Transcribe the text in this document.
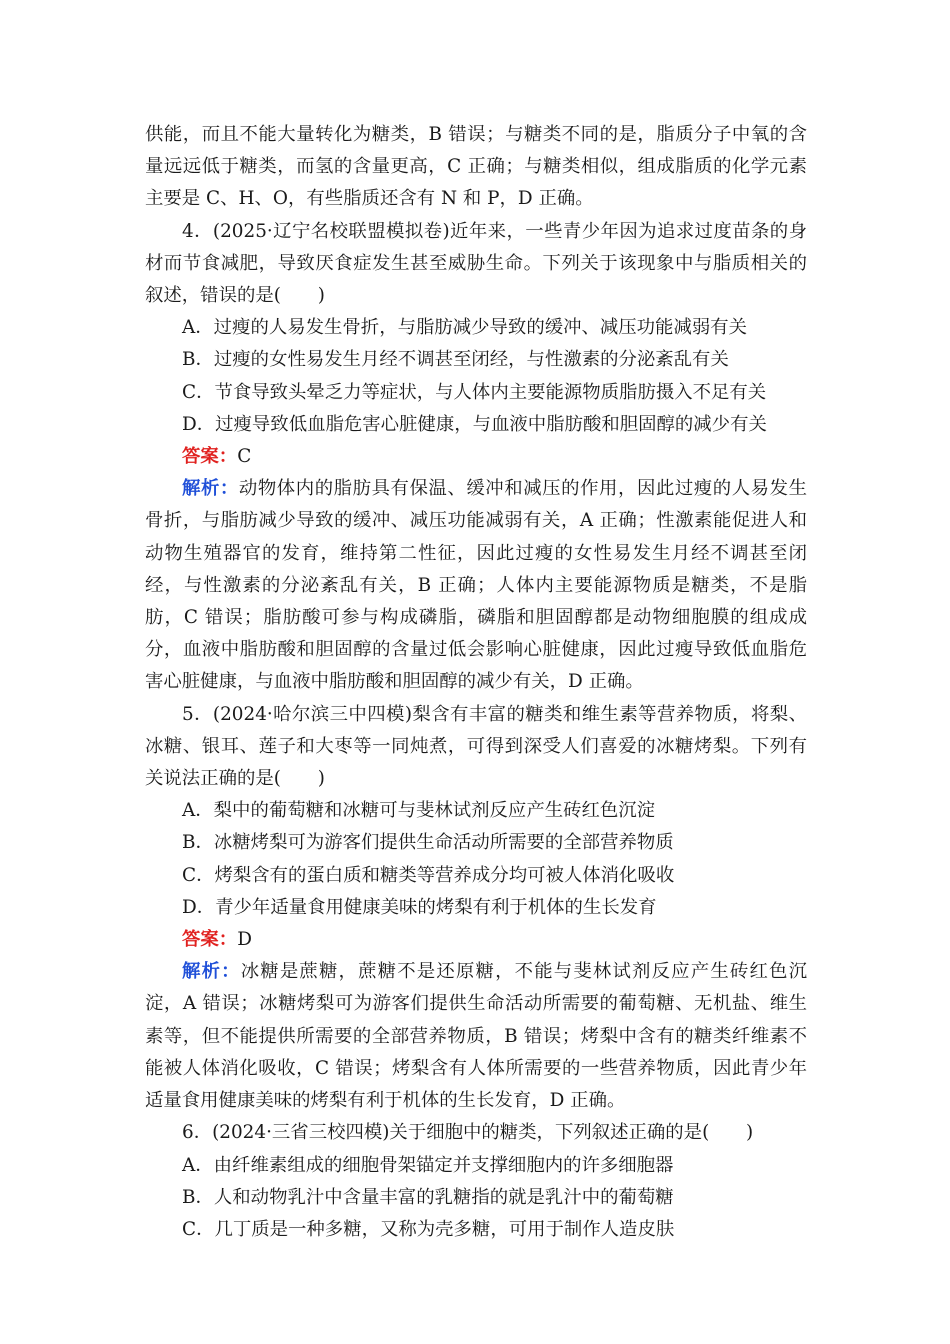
供能，而且不能大量转化为糖类，B 错误；与糖类不同的是，脂质分子中氧的含量远远低于糖类，而氢的含量更高，C 正确；与糖类相似，组成脂质的化学元素主要是 C、H、O，有些脂质还含有 N 和 P，D 正确。

4．(2025·辽宁名校联盟模拟卷)近年来，一些青少年因为追求过度苗条的身材而节食减肥，导致厌食症发生甚至威胁生命。下列关于该现象中与脂质相关的叙述，错误的是(　　)

A．过瘦的人易发生骨折，与脂肪减少导致的缓冲、减压功能减弱有关

B．过瘦的女性易发生月经不调甚至闭经，与性激素的分泌紊乱有关

C．节食导致头晕乏力等症状，与人体内主要能源物质脂肪摄入不足有关

D．过瘦导致低血脂危害心脏健康，与血液中脂肪酸和胆固醇的减少有关

答案：C

解析：动物体内的脂肪具有保温、缓冲和减压的作用，因此过瘦的人易发生骨折，与脂肪减少导致的缓冲、减压功能减弱有关，A 正确；性激素能促进人和动物生殖器官的发育，维持第二性征，因此过瘦的女性易发生月经不调甚至闭经，与性激素的分泌紊乱有关，B 正确；人体内主要能源物质是糖类，不是脂肪，C 错误；脂肪酸可参与构成磷脂，磷脂和胆固醇都是动物细胞膜的组成成分，血液中脂肪酸和胆固醇的含量过低会影响心脏健康，因此过瘦导致低血脂危害心脏健康，与血液中脂肪酸和胆固醇的减少有关，D 正确。

5．(2024·哈尔滨三中四模)梨含有丰富的糖类和维生素等营养物质，将梨、冰糖、银耳、莲子和大枣等一同炖煮，可得到深受人们喜爱的冰糖烤梨。下列有关说法正确的是(　　)

A．梨中的葡萄糖和冰糖可与斐林试剂反应产生砖红色沉淀

B．冰糖烤梨可为游客们提供生命活动所需要的全部营养物质

C．烤梨含有的蛋白质和糖类等营养成分均可被人体消化吸收

D．青少年适量食用健康美味的烤梨有利于机体的生长发育

答案：D

解析：冰糖是蔗糖，蔗糖不是还原糖，不能与斐林试剂反应产生砖红色沉淀，A 错误；冰糖烤梨可为游客们提供生命活动所需要的葡萄糖、无机盐、维生素等，但不能提供所需要的全部营养物质，B 错误；烤梨中含有的糖类纤维素不能被人体消化吸收，C 错误；烤梨含有人体所需要的一些营养物质，因此青少年适量食用健康美味的烤梨有利于机体的生长发育，D 正确。

6．(2024·三省三校四模)关于细胞中的糖类，下列叙述正确的是(　　)

A．由纤维素组成的细胞骨架锚定并支撑细胞内的许多细胞器

B．人和动物乳汁中含量丰富的乳糖指的就是乳汁中的葡萄糖

C．几丁质是一种多糖，又称为壳多糖，可用于制作人造皮肤
